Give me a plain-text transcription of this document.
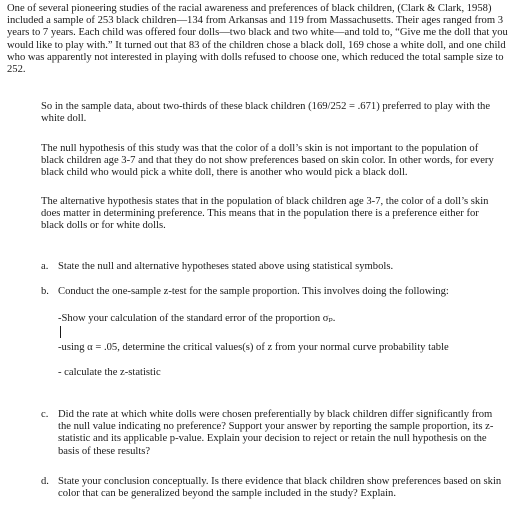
One of several pioneering studies of the racial awareness and preferences of black children, (Clark & Clark, 1958) included a sample of 253 black children—134 from Arkansas and 119 from Massachusetts. Their ages ranged from 3 years to 7 years. Each child was offered four dolls—two black and two white—and told to, “Give me the doll that you would like to play with.” It turned out that 83 of the children chose a black doll, 169 chose a white doll, and one child who was apparently not interested in playing with dolls refused to choose one, which reduced the total sample size to 252.

So in the sample data, about two-thirds of these black children (169/252 = .671) preferred to play with the white doll.

The null hypothesis of this study was that the color of a doll’s skin is not important to the population of black children age 3-7 and that they do not show preferences based on skin color. In other words, for every black child who would pick a white doll, there is another who would pick a black doll.

The alternative hypothesis states that in the population of black children age 3-7, the color of a doll’s skin does matter in determining preference. This means that in the population there is a preference either for black dolls or for white dolls.

a. State the null and alternative hypotheses stated above using statistical symbols.
b. Conduct the one-sample z-test for the sample proportion. This involves doing the following:

-Show your calculation of the standard error of the proportion σₚ.

-using α = .05, determine the critical values(s) of z from your normal curve probability table

- calculate the z-statistic

c. Did the rate at which white dolls were chosen preferentially by black children differ significantly from the null value indicating no preference? Support your answer by reporting the sample proportion, its z-statistic and its applicable p-value. Explain your decision to reject or retain the null hypothesis on the basis of these results?
d. State your conclusion conceptually. Is there evidence that black children show preferences based on skin color that can be generalized beyond the sample included in the study? Explain.
